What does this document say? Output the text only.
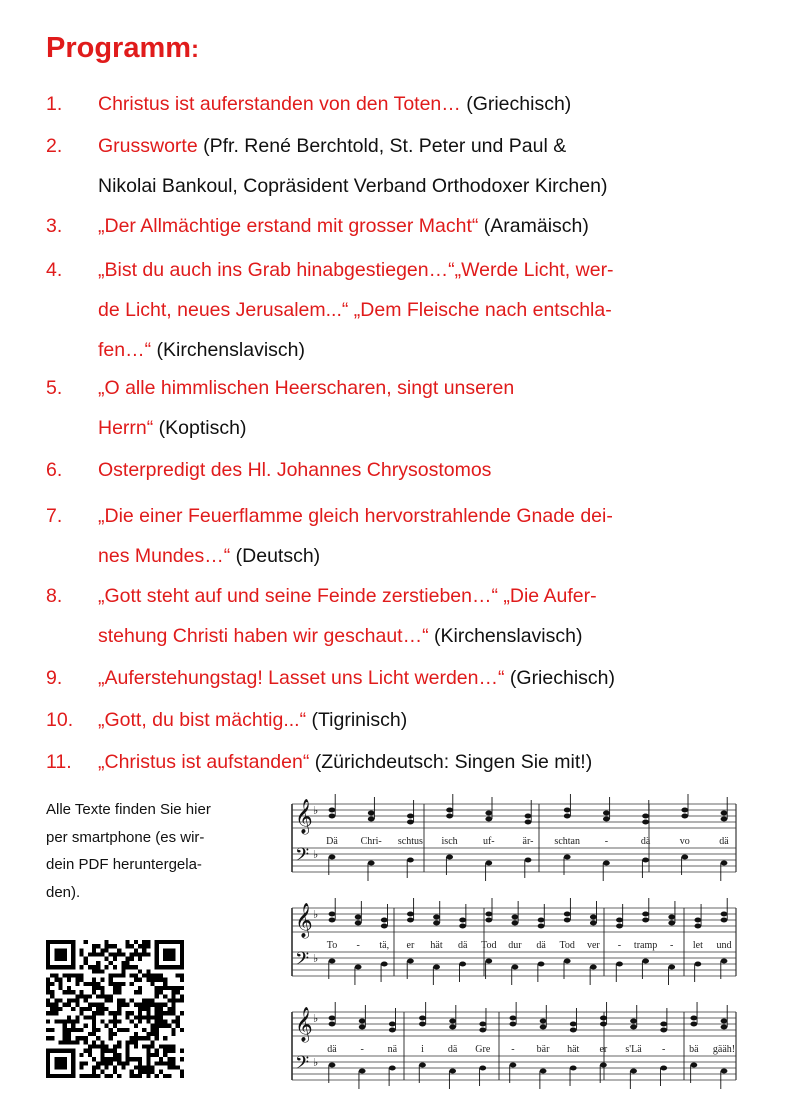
Programm:
1. Christus ist auferstanden von den Toten… (Griechisch)
2. Grussworte (Pfr. René Berchtold, St. Peter und Paul &
Nikolai Bankoul, Copräsident Verband Orthodoxer Kirchen)
3. „Der Allmächtige erstand mit grosser Macht“ (Aramäisch)
4. „Bist du auch ins Grab hinabgestiegen…“„Werde Licht, wer-
de Licht, neues Jerusalem...“ „Dem Fleische nach entschla-
fen…“ (Kirchenslavisch)
5. „O alle himmlischen Heerscharen, singt unseren
Herrn“ (Koptisch)
6. Osterpredigt des Hl. Johannes Chrysostomos
7. „Die einer Feuerflamme gleich hervorstrahlende Gnade dei-
nes Mundes…“ (Deutsch)
8. „Gott steht auf und seine Feinde zerstieben…“ „Die Aufer-
stehung Christi haben wir geschaut…“ (Kirchenslavisch)
9. „Auferstehungstag! Lasset uns Licht werden…“ (Griechisch)
10. „Gott, du bist mächtig...“ (Tigrinisch)
11. „Christus ist aufstanden“ (Zürichdeutsch: Singen Sie mit!)
Alle Texte finden Sie hier
per smartphone (es wir-
dein PDF heruntergela-
den).
𝄞 ♭
𝄢 ♭
Dä Chri- schtus isch	uf-	är- schtan -	dä	vo	dä
𝄞 ♭
𝄢 ♭
To - tä, er hät dä Tod dur dä Tod ver - tramp - let und
𝄞 ♭
𝄢 ♭
dä - nä i dä Gre - bär hät er s'Lä - bä gääh!
